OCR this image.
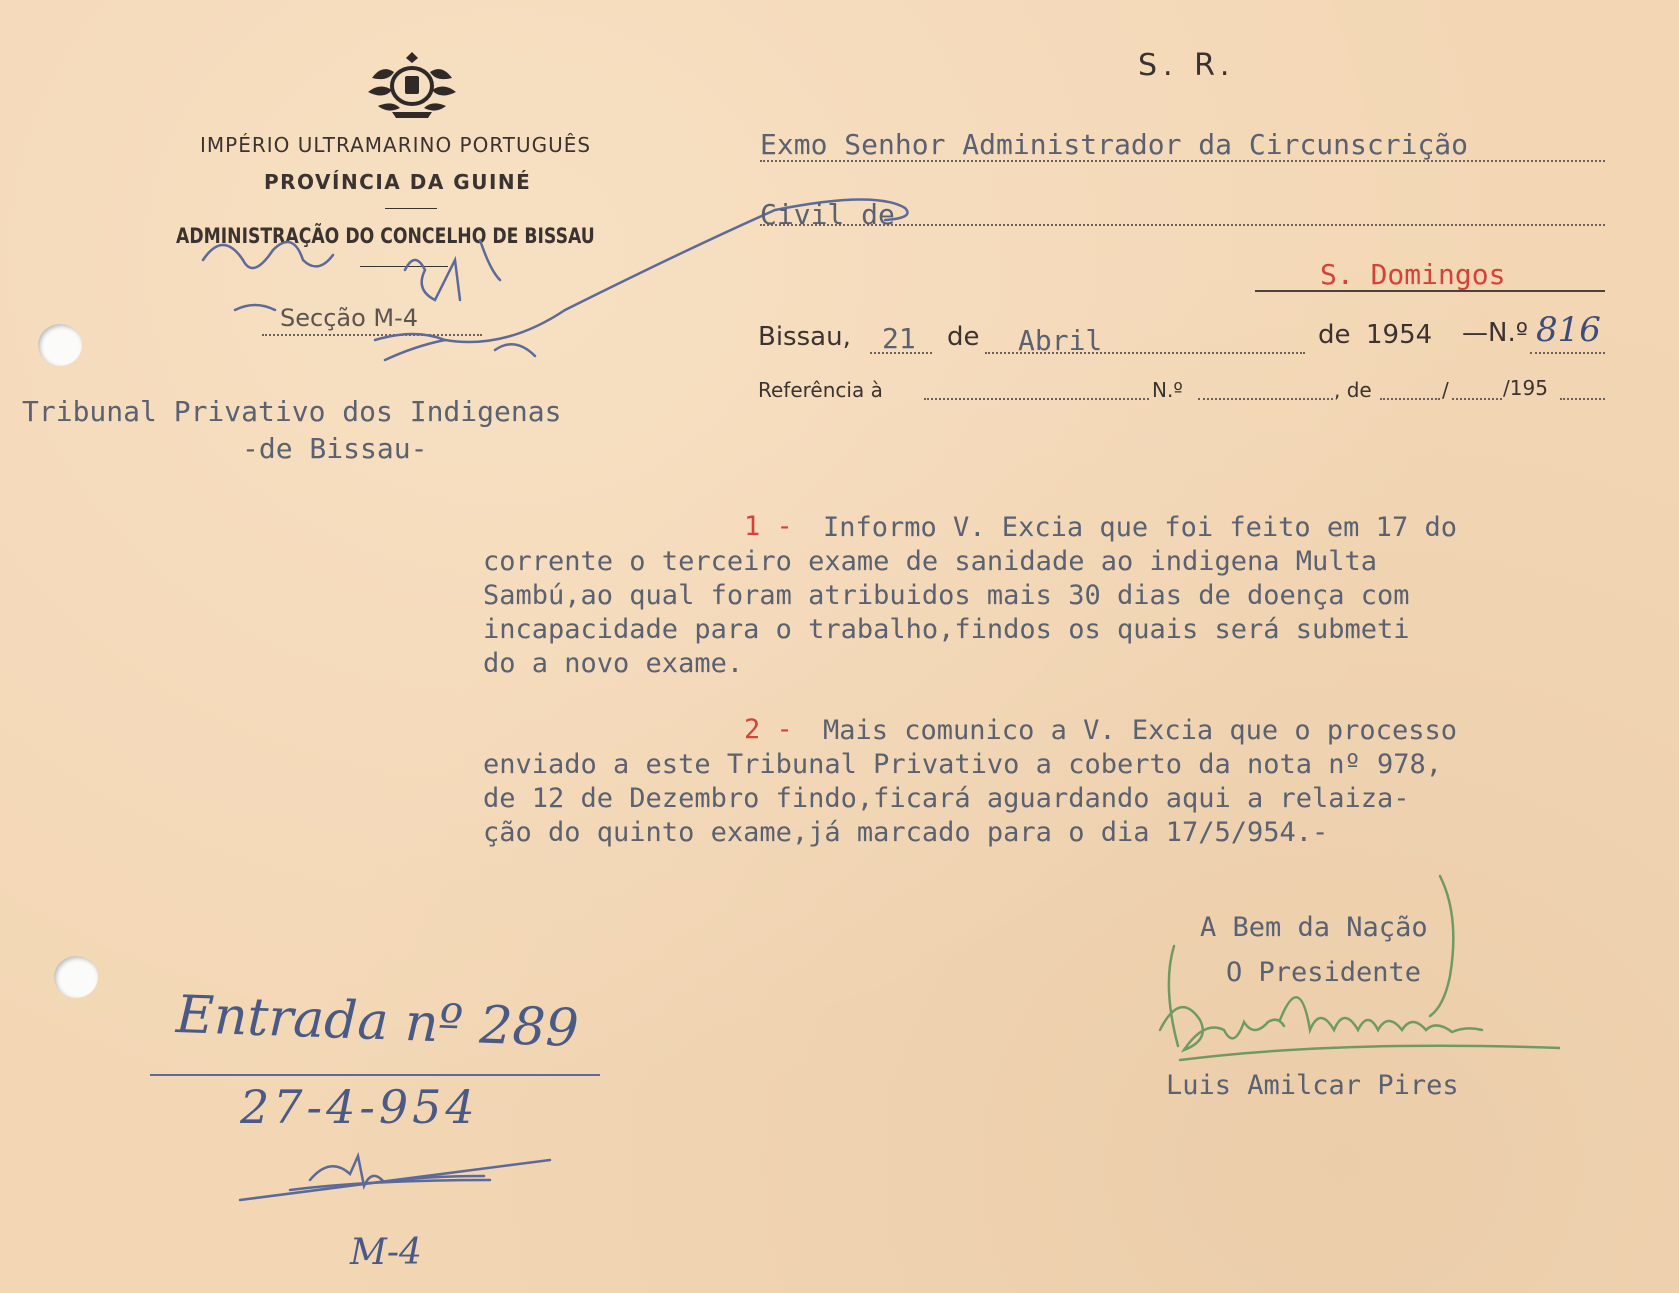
IMPÉRIO ULTRAMARINO PORTUGUÊS
PROVÍNCIA DA GUINÉ
ADMINISTRAÇÃO DO CONCELHO DE BISSAU
Secção M-4
Tribunal Privativo dos Indigenas
-de Bissau-
S. R.
Exmo Senhor Administrador da Circunscrição
Civil de
S. Domingos
Bissau, 21 de Abril	de 1954 —N.º 816
Referência à	N.º	, de	/	/195
1 - Informo V. Excia que foi feito em 17 do
corrente o terceiro exame de sanidade ao indigena Multa
Sambú,ao qual foram atribuidos mais 30 dias de doença com
incapacidade para o trabalho,findos os quais será submeti
do a novo exame.
2 - Mais comunico a V. Excia que o processo
enviado a este Tribunal Privativo a coberto da nota nº 978,
de 12 de Dezembro findo,ficará aguardando aqui a relaiza-
ção do quinto exame,já marcado para o dia 17/5/954.-
A Bem da Nação
O Presidente
Luis Amilcar Pires
Entrada nº 289
27-4-954
M-4
